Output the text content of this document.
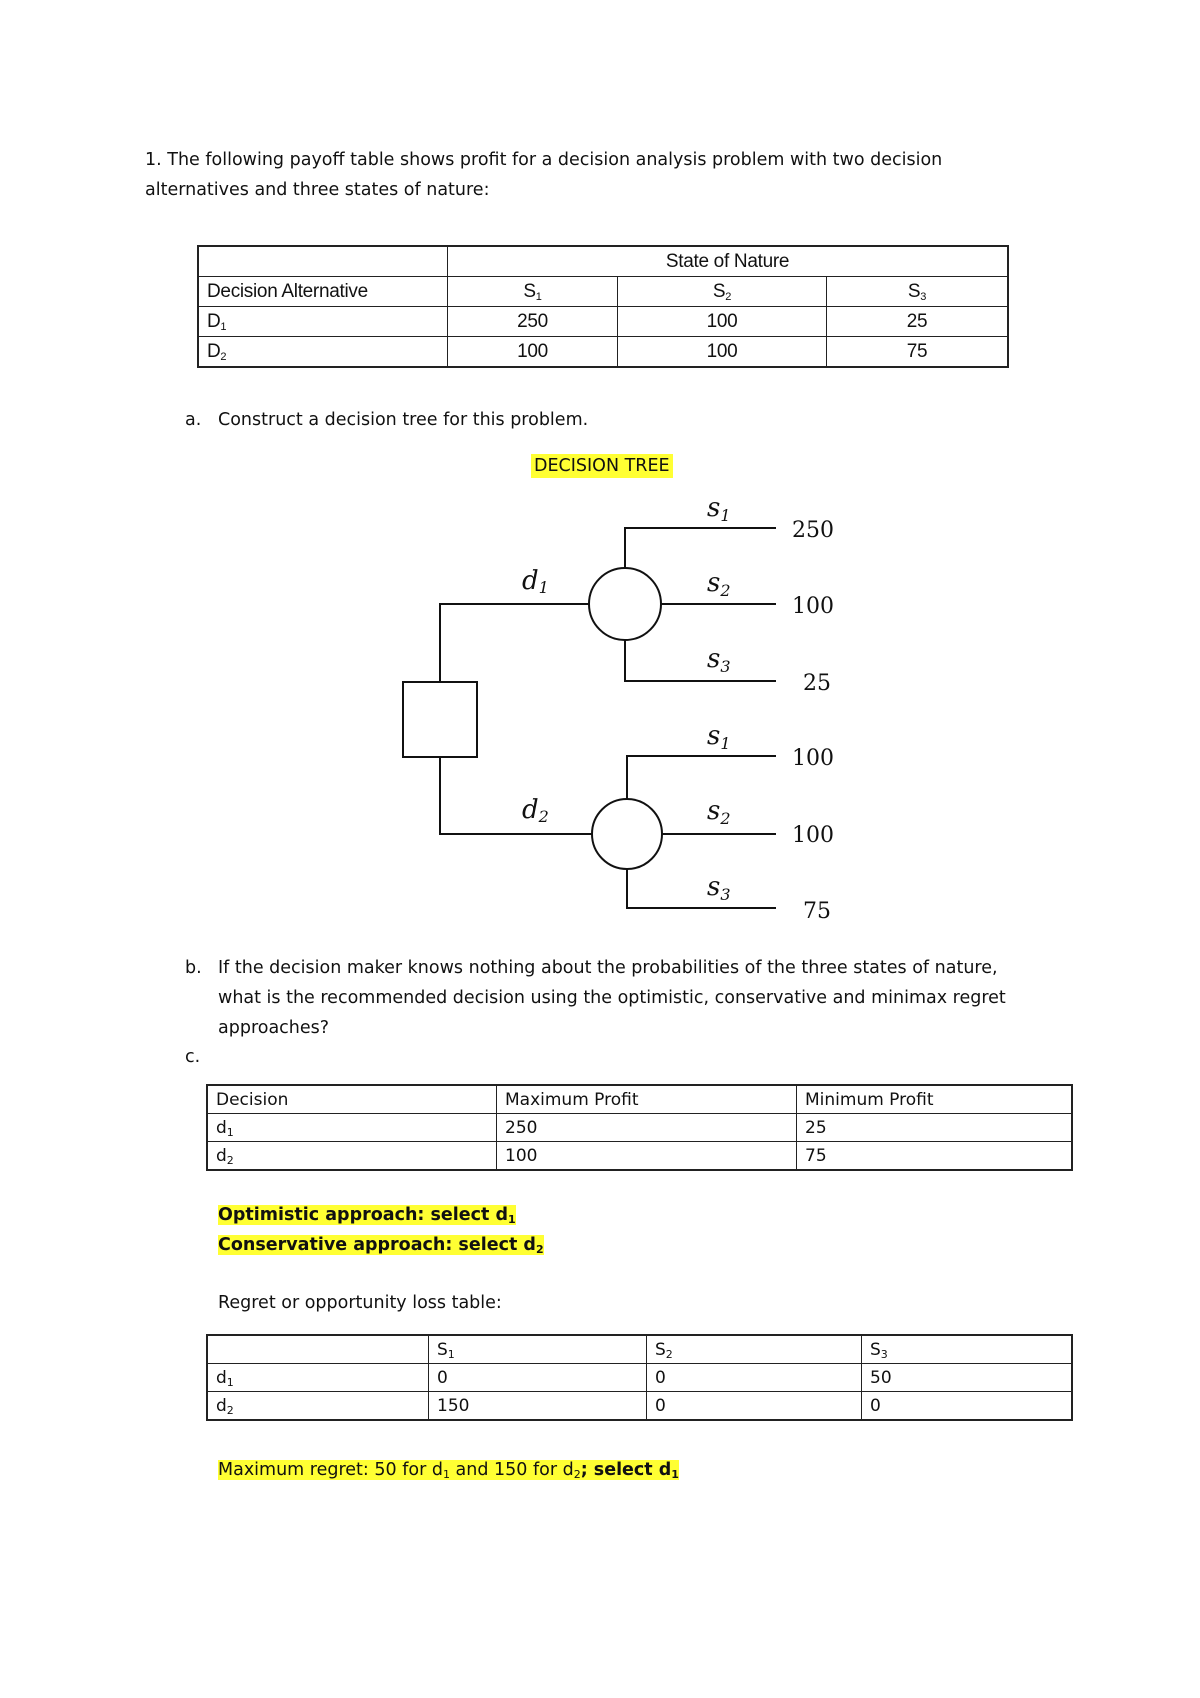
1. The following payoff table shows profit for a decision analysis problem with two decision
alternatives and three states of nature:
	State of Nature		
Decision Alternative	$S_1$	$S_2$	$S_3$
$D_1$	250	100	25
$D_2$	100	100	75
a. Construct a decision tree for this problem.
DECISION TREE
d1
d2
s1
s2
s3
s1
s2
s3
250
100
25
100
100
75
b. If the decision maker knows nothing about the probabilities of the three states of nature,
what is the recommended decision using the optimistic, conservative and minimax regret
approaches?
c.
Decision	Maximum Profit	Minimum Profit
$d_1$	250	25
$d_2$	100	75
Optimistic approach: select $d_1$
Conservative approach: select $d_2$
Regret or opportunity loss table:
	$S_1$	$S_2$	$S_3$
$d_1$	0	0	50
$d_2$	150	0	0
Maximum regret: 50 for $d_1$ and 150 for $d_2$; select $d_1$
